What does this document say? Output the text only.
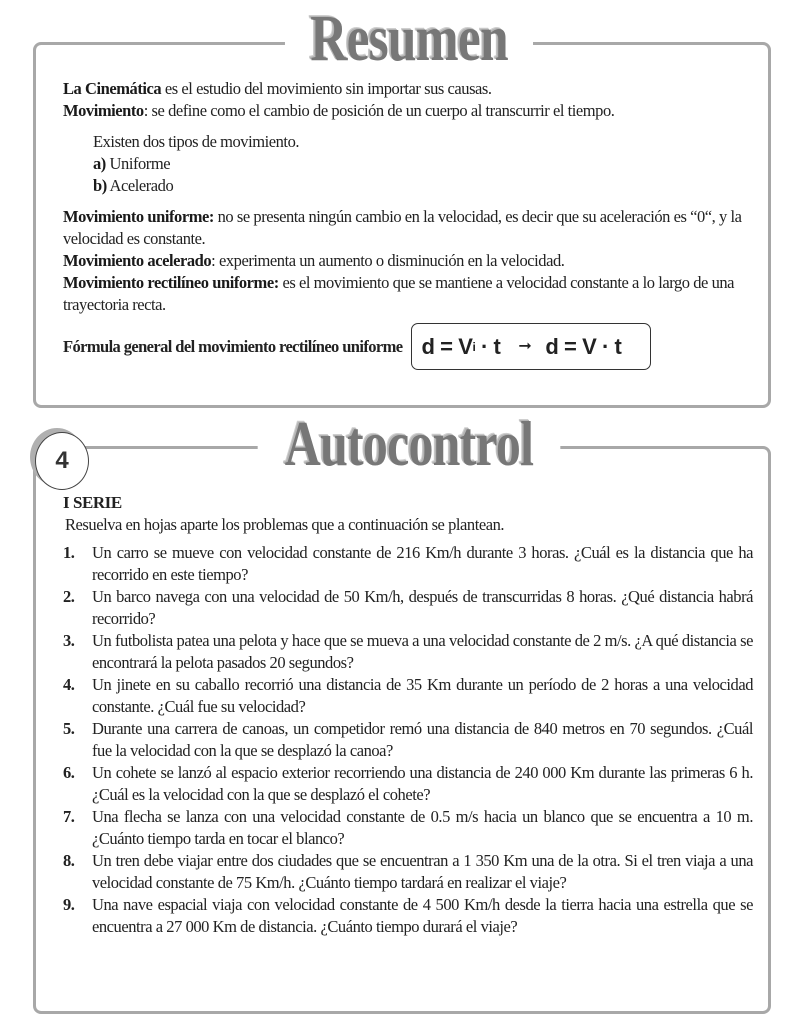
Resumen

La Cinemática es el estudio del movimiento sin importar sus causas.

Movimiento: se define como el cambio de posición de un cuerpo al transcurrir el tiempo.

Existen dos tipos de movimiento.

a) Uniforme

b) Acelerado

Movimiento uniforme: no se presenta ningún cambio en la velocidad, es decir que su aceleración es “0“, y la velocidad es constante.

Movimiento acelerado: experimenta un aumento o disminución en la velocidad.

Movimiento rectilíneo uniforme: es el movimiento que se mantiene a velocidad constante a lo largo de una trayectoria recta.

Fórmula general del movimiento rectilíneo uniforme d = V i · t ➞ d = V · t
4	Autocontrol

I SERIE

Resuelva en hojas aparte los problemas que a continuación se plantean.

1. Un carro se mueve con velocidad constante de 216 Km/h durante 3 horas. ¿Cuál es la distancia que ha recorrido en este tiempo?
2. Un barco navega con una velocidad de 50 Km/h, después de transcurridas 8 horas. ¿Qué distancia habrá recorrido?
3. Un futbolista patea una pelota y hace que se mueva a una velocidad constante de 2 m/s. ¿A qué distancia se encontrará la pelota pasados 20 segundos?
4. Un jinete en su caballo recorrió una distancia de 35 Km durante un período de 2 horas a una velocidad constante. ¿Cuál fue su velocidad?
5. Durante una carrera de canoas, un competidor remó una distancia de 840 metros en 70 segundos. ¿Cuál fue la velocidad con la que se desplazó la canoa?
6. Un cohete se lanzó al espacio exterior recorriendo una distancia de 240 000 Km durante las primeras 6 h. ¿Cuál es la velocidad con la que se desplazó el cohete?
7. Una flecha se lanza con una velocidad constante de 0.5 m/s hacia un blanco que se encuentra a 10 m. ¿Cuánto tiempo tarda en tocar el blanco?
8. Un tren debe viajar entre dos ciudades que se encuentran a 1 350 Km una de la otra. Si el tren viaja a una velocidad constante de 75 Km/h. ¿Cuánto tiempo tardará en realizar el viaje?
9. Una nave espacial viaja con velocidad constante de 4 500 Km/h desde la tierra hacia una estrella que se encuentra a 27 000 Km de distancia. ¿Cuánto tiempo durará el viaje?
